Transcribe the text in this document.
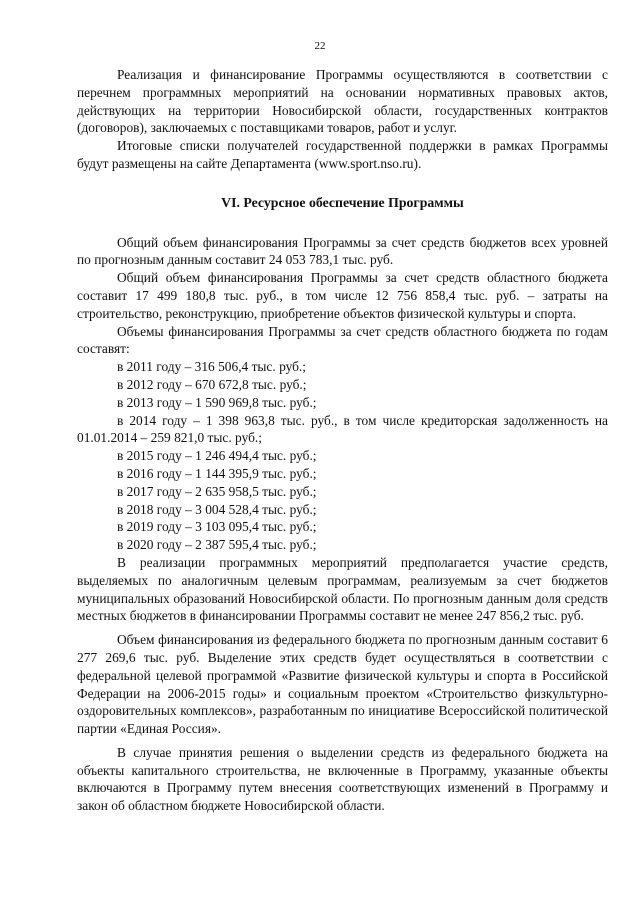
22

Реализация и финансирование Программы осуществляются в соответствии с перечнем программных мероприятий на основании нормативных правовых актов, действующих на территории Новосибирской области, государственных контрактов (договоров), заключаемых с поставщиками товаров, работ и услуг.

Итоговые списки получателей государственной поддержки в рамках Программы будут размещены на сайте Департамента (www.sport.nso.ru).

VI. Ресурсное обеспечение Программы

Общий объем финансирования Программы за счет средств бюджетов всех уровней по прогнозным данным составит 24 053 783,1 тыс. руб.

Общий объем финансирования Программы за счет средств областного бюджета составит 17 499 180,8 тыс. руб., в том числе 12 756 858,4 тыс. руб. – затраты на строительство, реконструкцию, приобретение объектов физической культуры и спорта.

Объемы финансирования Программы за счет средств областного бюджета по годам составят:

в 2011 году – 316 506,4 тыс. руб.;

в 2012 году – 670 672,8 тыс. руб.;

в 2013 году – 1 590 969,8 тыс. руб.;

в 2014 году – 1 398 963,8 тыс. руб., в том числе кредиторская задолженность на 01.01.2014 – 259 821,0 тыс. руб.;

в 2015 году – 1 246 494,4 тыс. руб.;

в 2016 году – 1 144 395,9 тыс. руб.;

в 2017 году – 2 635 958,5 тыс. руб.;

в 2018 году – 3 004 528,4 тыс. руб.;

в 2019 году – 3 103 095,4 тыс. руб.;

в 2020 году – 2 387 595,4 тыс. руб.;

В реализации программных мероприятий предполагается участие средств, выделяемых по аналогичным целевым программам, реализуемым за счет бюджетов муниципальных образований Новосибирской области. По прогнозным данным доля средств местных бюджетов в финансировании Программы составит не менее 247 856,2 тыс. руб.

Объем финансирования из федерального бюджета по прогнозным данным составит 6 277 269,6 тыс. руб. Выделение этих средств будет осуществляться в соответствии с федеральной целевой программой «Развитие физической культуры и спорта в Российской Федерации на 2006-2015 годы» и социальным проектом «Строительство физкультурно-оздоровительных комплексов», разработанным по инициативе Всероссийской политической партии «Единая Россия».

В случае принятия решения о выделении средств из федерального бюджета на объекты капитального строительства, не включенные в Программу, указанные объекты включаются в Программу путем внесения соответствующих изменений в Программу и закон об областном бюджете Новосибирской области.
